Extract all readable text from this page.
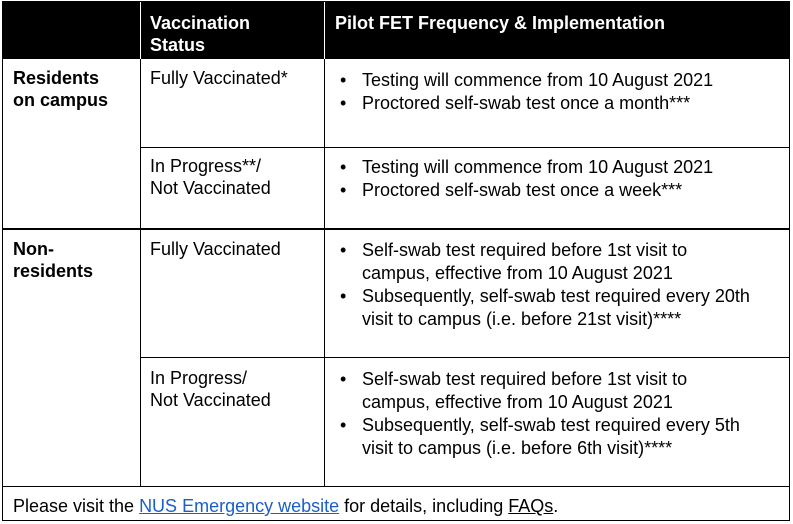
Vaccination
Status
Pilot FET Frequency & Implementation
Residents
on campus
Fully Vaccinated*	• Testing will commence from 10 August 2021
• Proctored self-swab test once a month***
In Progress**/
Not Vaccinated
• Testing will commence from 10 August 2021
• Proctored self-swab test once a week***
Non-
residents
Fully Vaccinated	• Self-swab test required before 1st visit to
campus, effective from 10 August 2021
• Subsequently, self-swab test required every 20th
visit to campus (i.e. before 21st visit)****
In Progress/
Not Vaccinated
• Self-swab test required before 1st visit to
campus, effective from 10 August 2021
• Subsequently, self-swab test required every 5th
visit to campus (i.e. before 6th visit)****
Please visit the NUS Emergency website for details, including FAQs.
